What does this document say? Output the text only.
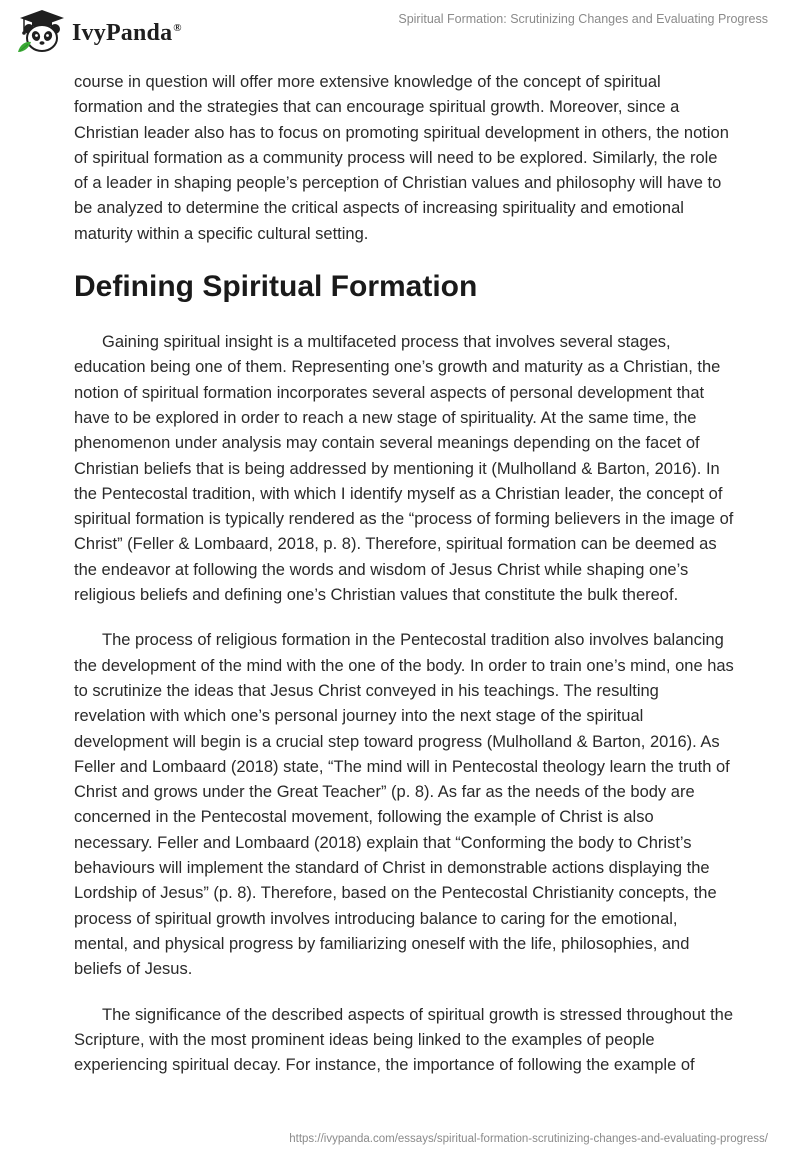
IvyPanda®
Spiritual Formation: Scrutinizing Changes and Evaluating Progress

course in question will offer more extensive knowledge of the concept of spiritual formation and the strategies that can encourage spiritual growth. Moreover, since a Christian leader also has to focus on promoting spiritual development in others, the notion of spiritual formation as a community process will need to be explored. Similarly, the role of a leader in shaping people’s perception of Christian values and philosophy will have to be analyzed to determine the critical aspects of increasing spirituality and emotional maturity within a specific cultural setting.

Defining Spiritual Formation

Gaining spiritual insight is a multifaceted process that involves several stages, education being one of them. Representing one’s growth and maturity as a Christian, the notion of spiritual formation incorporates several aspects of personal development that have to be explored in order to reach a new stage of spirituality. At the same time, the phenomenon under analysis may contain several meanings depending on the facet of Christian beliefs that is being addressed by mentioning it (Mulholland & Barton, 2016). In the Pentecostal tradition, with which I identify myself as a Christian leader, the concept of spiritual formation is typically rendered as the “process of forming believers in the image of Christ” (Feller & Lombaard, 2018, p. 8). Therefore, spiritual formation can be deemed as the endeavor at following the words and wisdom of Jesus Christ while shaping one’s religious beliefs and defining one’s Christian values that constitute the bulk thereof.

The process of religious formation in the Pentecostal tradition also involves balancing the development of the mind with the one of the body. In order to train one’s mind, one has to scrutinize the ideas that Jesus Christ conveyed in his teachings. The resulting revelation with which one’s personal journey into the next stage of the spiritual development will begin is a crucial step toward progress (Mulholland & Barton, 2016). As Feller and Lombaard (2018) state, “The mind will in Pentecostal theology learn the truth of Christ and grows under the Great Teacher” (p. 8). As far as the needs of the body are concerned in the Pentecostal movement, following the example of Christ is also necessary. Feller and Lombaard (2018) explain that “Conforming the body to Christ’s behaviours will implement the standard of Christ in demonstrable actions displaying the Lordship of Jesus” (p. 8). Therefore, based on the Pentecostal Christianity concepts, the process of spiritual growth involves introducing balance to caring for the emotional, mental, and physical progress by familiarizing oneself with the life, philosophies, and beliefs of Jesus.

The significance of the described aspects of spiritual growth is stressed throughout the Scripture, with the most prominent ideas being linked to the examples of people experiencing spiritual decay. For instance, the importance of following the example of

https://ivypanda.com/essays/spiritual-formation-scrutinizing-changes-and-evaluating-progress/
